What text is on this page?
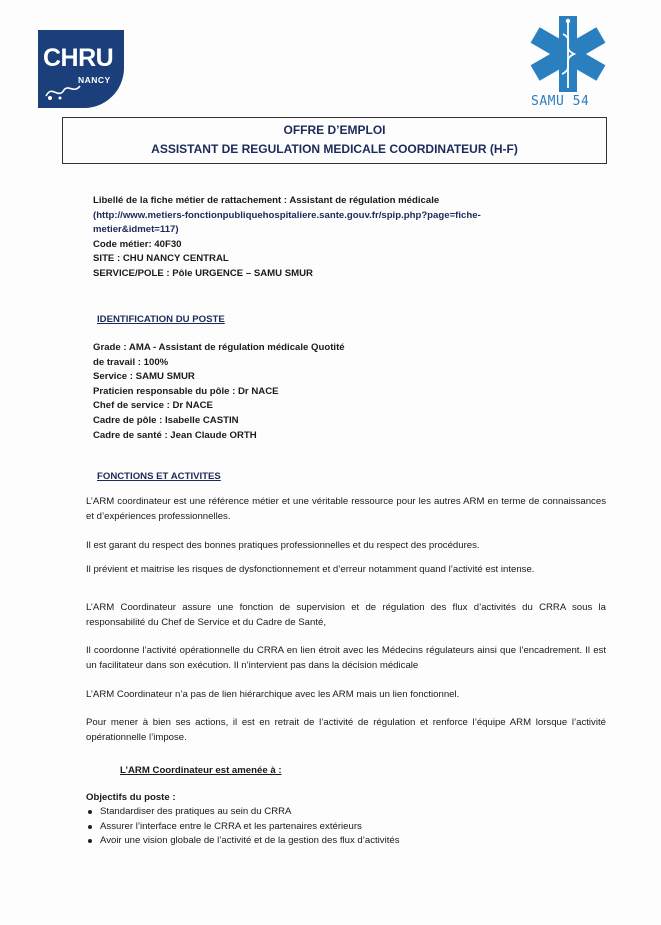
CHRU
NANCY
SAMU 54
OFFRE D’EMPLOI
ASSISTANT DE REGULATION MEDICALE COORDINATEUR (H-F)
Libellé de la fiche métier de rattachement : Assistant de régulation médicale
(http://www.metiers-fonctionpubliquehospitaliere.sante.gouv.fr/spip.php?page=fiche-
metier&idmet=117)
Code métier: 40F30
SITE : CHU NANCY CENTRAL
SERVICE/POLE : Pôle URGENCE – SAMU SMUR
IDENTIFICATION DU POSTE
Grade : AMA - Assistant de régulation médicale Quotité
de travail : 100%
Service : SAMU SMUR
Praticien responsable du pôle : Dr NACE
Chef de service : Dr NACE
Cadre de pôle : Isabelle CASTIN
Cadre de santé : Jean Claude ORTH
FONCTIONS ET ACTIVITES
L’ARM coordinateur est une référence métier et une véritable ressource pour les autres ARM en terme de connaissances et d’expériences professionnelles.
Il est garant du respect des bonnes pratiques professionnelles et du respect des procédures.
Il prévient et maitrise les risques de dysfonctionnement et d’erreur notamment quand l’activité est intense.
L’ARM Coordinateur assure une fonction de supervision et de régulation des flux d’activités du CRRA sous la responsabilité du Chef de Service et du Cadre de Santé,
Il coordonne l’activité opérationnelle du CRRA en lien étroit avec les Médecins régulateurs ainsi que l’encadrement. Il est un facilitateur dans son exécution. Il n’intervient pas dans la décision médicale
L’ARM Coordinateur n’a pas de lien hiérarchique avec les ARM mais un lien fonctionnel.
Pour mener à bien ses actions, il est en retrait de l’activité de régulation et renforce l’équipe ARM lorsque l’activité opérationnelle l’impose.
L’ARM Coordinateur est amenée à :
Objectifs du poste :
Standardiser des pratiques au sein du CRRA
Assurer l’interface entre le CRRA et les partenaires extérieurs
Avoir une vision globale de l’activité et de la gestion des flux d’activités
